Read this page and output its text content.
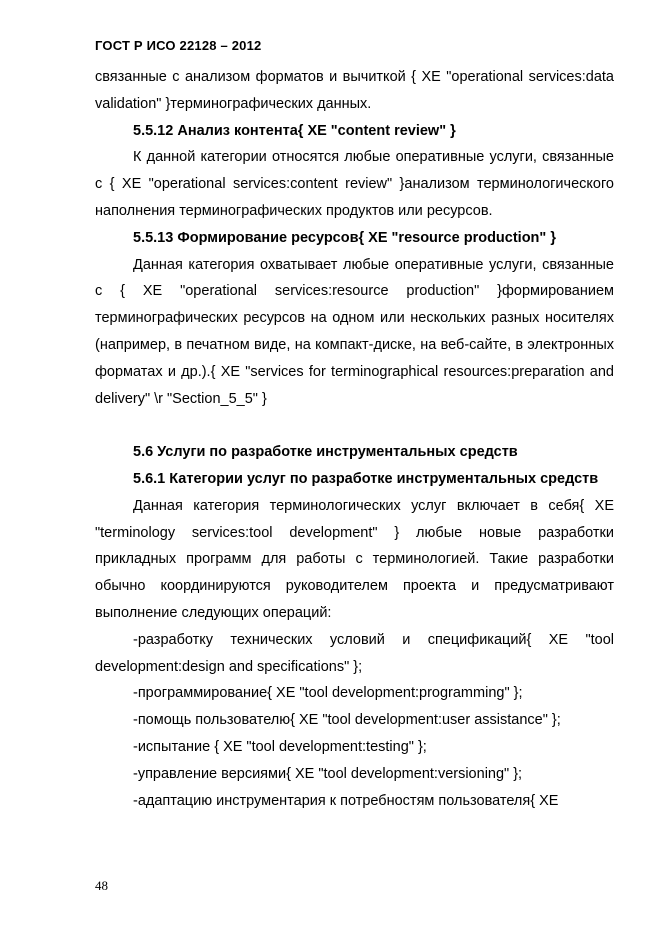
ГОСТ Р ИСО 22128 – 2012

связанные с анализом форматов и вычиткой { XE "operational services:data validation" }терминографических данных.

5.5.12 Анализ контента{ XE "content review" }

К данной категории относятся любые оперативные услуги, связанные с { XE "operational services:content review" }анализом терминологического наполнения терминографических продуктов или ресурсов.

5.5.13 Формирование ресурсов{ XE "resource production" }

Данная категория охватывает любые оперативные услуги, связанные с { XE "operational services:resource production" }формированием терминографических ресурсов на одном или нескольких разных носителях (например, в печатном виде, на компакт-диске, на веб-сайте, в электронных форматах и др.).{ XE "services for terminographical resources:preparation and delivery" \r "Section_5_5" }

5.6 Услуги по разработке инструментальных средств

5.6.1 Категории услуг по разработке инструментальных средств

Данная категория терминологических услуг включает в себя{ XE "terminology services:tool development" } любые новые разработки прикладных программ для работы с терминологией. Такие разработки обычно координируются руководителем проекта и предусматривают выполнение следующих операций:

-разработку технических условий и спецификаций{ XE "tool development:design and specifications" };

-программирование{ XE "tool development:programming" };

-помощь пользователю{ XE "tool development:user assistance" };

-испытание { XE "tool development:testing" };

-управление версиями{ XE "tool development:versioning" };

-адаптацию инструментария к потребностям пользователя{ XE

48
